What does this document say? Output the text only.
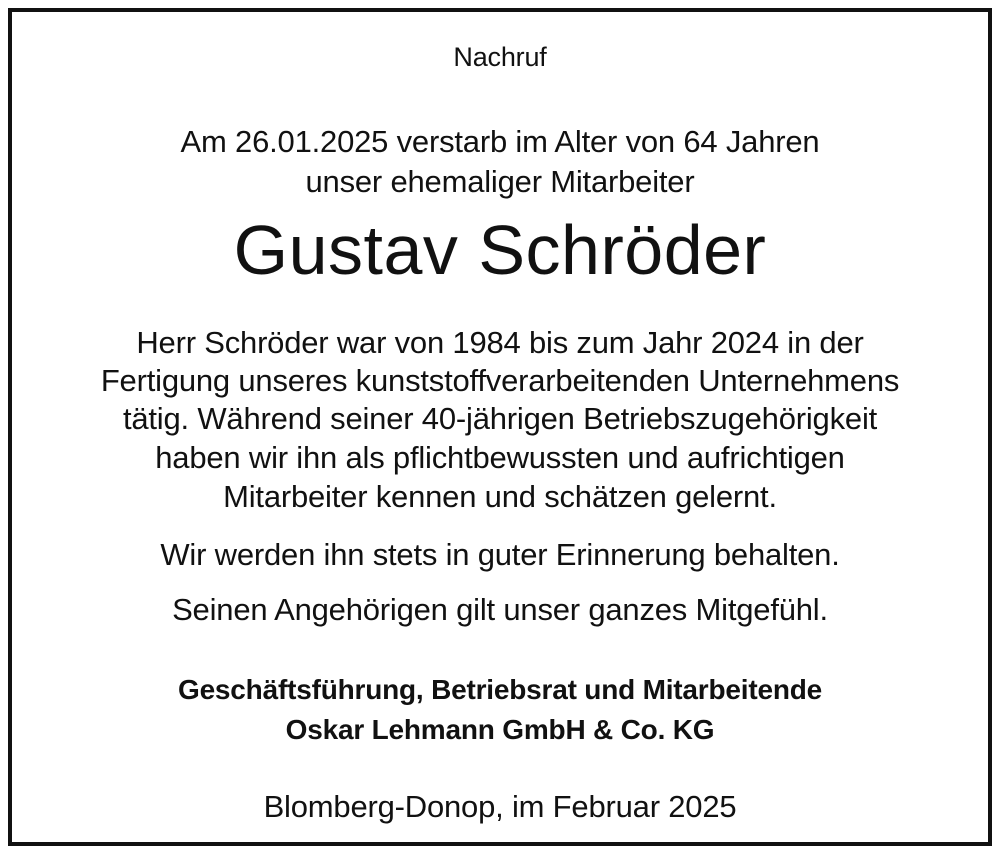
Nachruf
Am 26.01.2025 verstarb im Alter von 64 Jahren
unser ehemaliger Mitarbeiter
Gustav Schröder
Herr Schröder war von 1984 bis zum Jahr 2024 in der
Fertigung unseres kunststoffverarbeitenden Unternehmens
tätig. Während seiner 40-jährigen Betriebszugehörigkeit
haben wir ihn als pflichtbewussten und aufrichtigen
Mitarbeiter kennen und schätzen gelernt.
Wir werden ihn stets in guter Erinnerung behalten.
Seinen Angehörigen gilt unser ganzes Mitgefühl.
Geschäftsführung, Betriebsrat und Mitarbeitende
Oskar Lehmann GmbH & Co. KG
Blomberg-Donop, im Februar 2025
